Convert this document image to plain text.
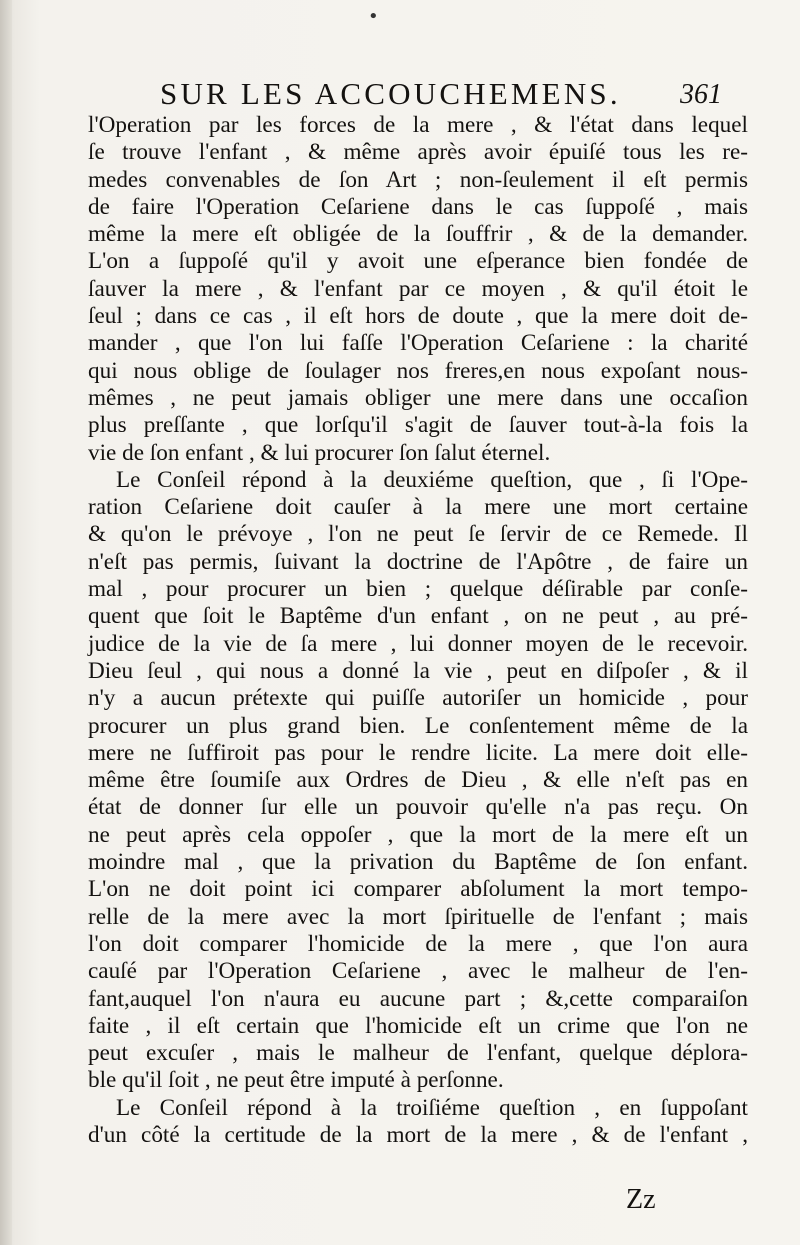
•
SUR LES ACCOUCHEMENS. 361
l'Operation par les forces de la mere , & l'état dans lequel
ſe trouve l'enfant , & même après avoir épuiſé tous les re-
medes convenables de ſon Art ; non-ſeulement il eſt permis
de faire l'Operation Ceſariene dans le cas ſuppoſé , mais
même la mere eſt obligée de la ſouffrir , & de la demander.
L'on a ſuppoſé qu'il y avoit une eſperance bien fondée de
ſauver la mere , & l'enfant par ce moyen , & qu'il étoit le
ſeul ; dans ce cas , il eſt hors de doute , que la mere doit de-
mander , que l'on lui faſſe l'Operation Ceſariene : la charité
qui nous oblige de ſoulager nos freres,en nous expoſant nous-
mêmes , ne peut jamais obliger une mere dans une occaſion
plus preſſante , que lorſqu'il s'agit de ſauver tout-à-la fois la
vie de ſon enfant , & lui procurer ſon ſalut éternel.
Le Conſeil répond à la deuxiéme queſtion, que , ſi l'Ope-
ration Ceſariene doit cauſer à la mere une mort certaine
& qu'on le prévoye , l'on ne peut ſe ſervir de ce Remede. Il
n'eſt pas permis, ſuivant la doctrine de l'Apôtre , de faire un
mal , pour procurer un bien ; quelque déſirable par conſe-
quent que ſoit le Baptême d'un enfant , on ne peut , au pré-
judice de la vie de ſa mere , lui donner moyen de le recevoir.
Dieu ſeul , qui nous a donné la vie , peut en diſpoſer , & il
n'y a aucun prétexte qui puiſſe autoriſer un homicide , pour
procurer un plus grand bien. Le conſentement même de la
mere ne ſuffiroit pas pour le rendre licite. La mere doit elle-
même être ſoumiſe aux Ordres de Dieu , & elle n'eſt pas en
état de donner ſur elle un pouvoir qu'elle n'a pas reçu. On
ne peut après cela oppoſer , que la mort de la mere eſt un
moindre mal , que la privation du Baptême de ſon enfant.
L'on ne doit point ici comparer abſolument la mort tempo-
relle de la mere avec la mort ſpirituelle de l'enfant ; mais
l'on doit comparer l'homicide de la mere , que l'on aura
cauſé par l'Operation Ceſariene , avec le malheur de l'en-
fant,auquel l'on n'aura eu aucune part ; &,cette comparaiſon
faite , il eſt certain que l'homicide eſt un crime que l'on ne
peut excuſer , mais le malheur de l'enfant, quelque déplora-
ble qu'il ſoit , ne peut être imputé à perſonne.
Le Conſeil répond à la troiſiéme queſtion , en ſuppoſant
d'un côté la certitude de la mort de la mere , & de l'enfant ,
Zz
